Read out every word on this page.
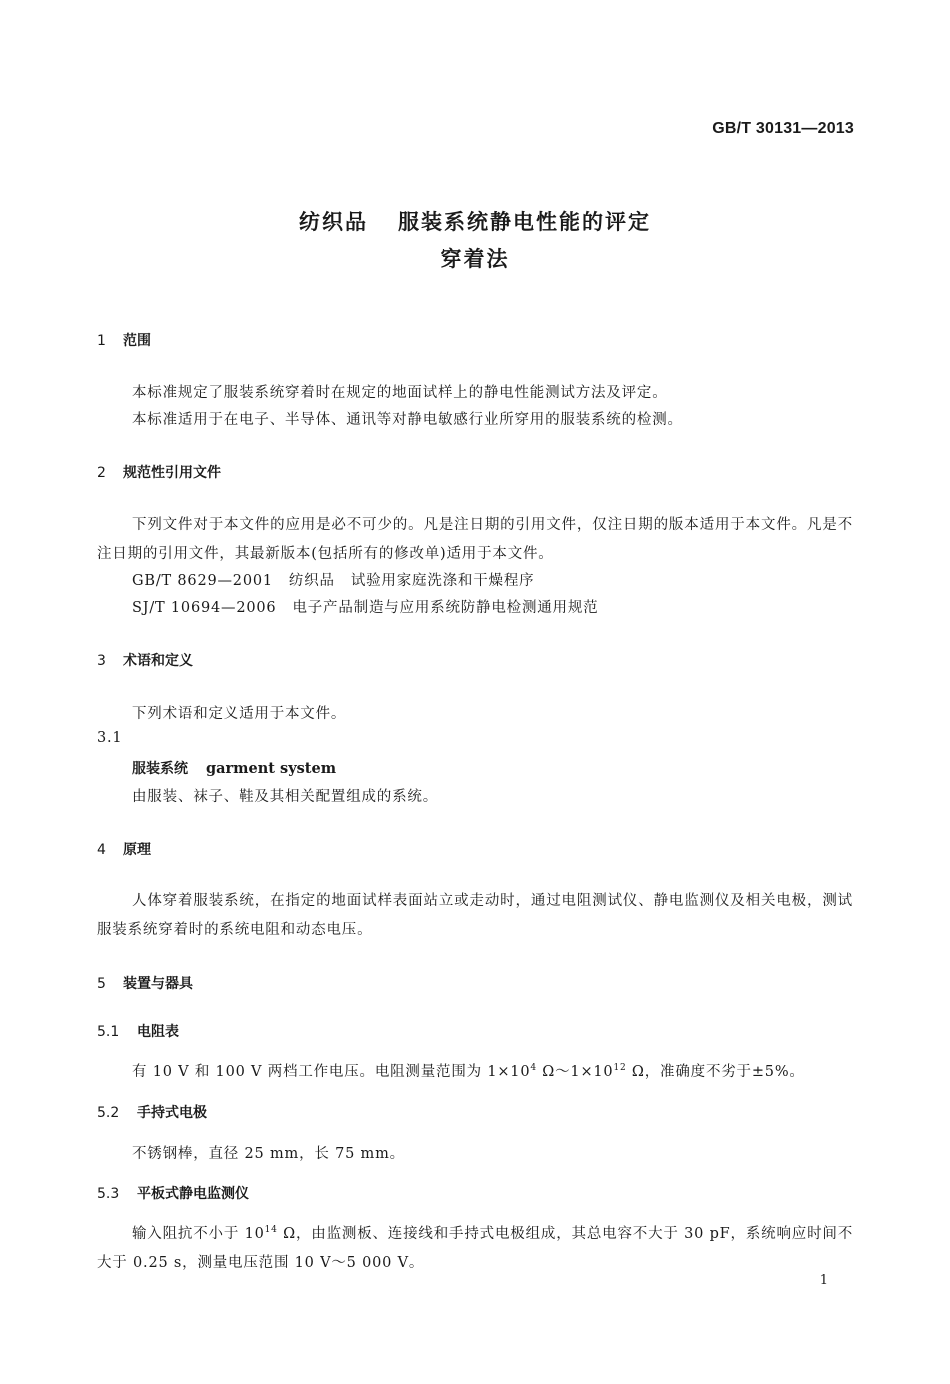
GB/T 30131—2013
纺织品 服装系统静电性能的评定
穿着法
1 范围
本标准规定了服装系统穿着时在规定的地面试样上的静电性能测试方法及评定。
本标准适用于在电子、半导体、通讯等对静电敏感行业所穿用的服装系统的检测。
2 规范性引用文件
下列文件对于本文件的应用是必不可少的。凡是注日期的引用文件，仅注日期的版本适用于本文件。凡是不注日期的引用文件，其最新版本(包括所有的修改单)适用于本文件。
GB/T 8629—2001 纺织品 试验用家庭洗涤和干燥程序
SJ/T 10694—2006 电子产品制造与应用系统防静电检测通用规范
3 术语和定义
下列术语和定义适用于本文件。
3.1
服装系统 garment system
由服装、袜子、鞋及其相关配置组成的系统。
4 原理
人体穿着服装系统，在指定的地面试样表面站立或走动时，通过电阻测试仪、静电监测仪及相关电极，测试服装系统穿着时的系统电阻和动态电压。
5 装置与器具
5.1 电阻表
有 10 V 和 100 V 两档工作电压。电阻测量范围为 $1\times 10^4$ $\Omega\sim 1\times 10^{12}$ Ω，准确度不劣于±5%。
5.2 手持式电极
不锈钢棒，直径 25 mm，长 75 mm。
5.3 平板式静电监测仪
输入阻抗不小于 $10^{14}$ Ω，由监测板、连接线和手持式电极组成，其总电容不大于 30 pF，系统响应时间不大于 0.25 s，测量电压范围 10 V～5 000 V。
1
